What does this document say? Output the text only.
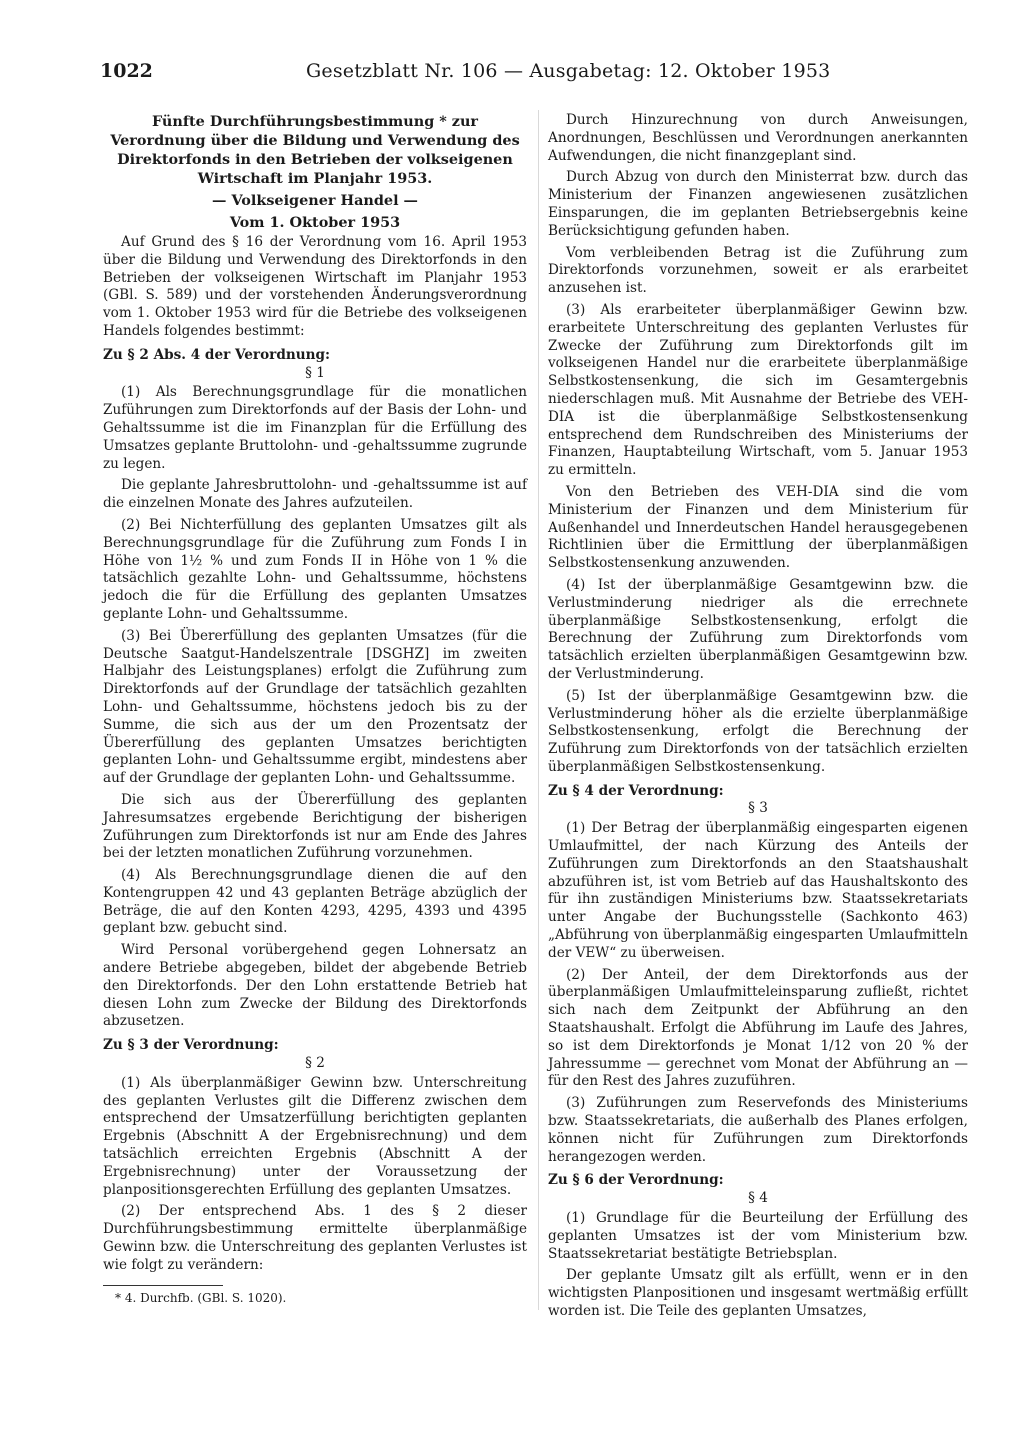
1022	Gesetzblatt Nr. 106 — Ausgabetag: 12. Oktober 1953
Fünfte Durchführungsbestimmung * zur Verordnung über die Bildung und Verwendung des Direktorfonds in den Betrieben der volkseigenen Wirtschaft im Planjahr 1953.
— Volkseigener Handel —
Vom 1. Oktober 1953

Auf Grund des § 16 der Verordnung vom 16. April 1953 über die Bildung und Verwendung des Direktorfonds in den Betrieben der volkseigenen Wirtschaft im Planjahr 1953 (GBl. S. 589) und der vorstehenden Änderungsverordnung vom 1. Oktober 1953 wird für die Betriebe des volkseigenen Handels folgendes bestimmt:

Zu § 2 Abs. 4 der Verordnung:
§ 1

(1) Als Berechnungsgrundlage für die monatlichen Zuführungen zum Direktorfonds auf der Basis der Lohn- und Gehaltssumme ist die im Finanzplan für die Erfüllung des Umsatzes geplante Bruttolohn- und -gehaltssumme zugrunde zu legen.

Die geplante Jahresbruttolohn- und -gehaltssumme ist auf die einzelnen Monate des Jahres aufzuteilen.

(2) Bei Nichterfüllung des geplanten Umsatzes gilt als Berechnungsgrundlage für die Zuführung zum Fonds I in Höhe von 1½ % und zum Fonds II in Höhe von 1 % die tatsächlich gezahlte Lohn- und Gehaltssumme, höchstens jedoch die für die Erfüllung des geplanten Umsatzes geplante Lohn- und Gehaltssumme.

(3) Bei Übererfüllung des geplanten Umsatzes (für die Deutsche Saatgut-Handelszentrale [DSGHZ] im zweiten Halbjahr des Leistungsplanes) erfolgt die Zuführung zum Direktorfonds auf der Grundlage der tatsächlich gezahlten Lohn- und Gehaltssumme, höchstens jedoch bis zu der Summe, die sich aus der um den Prozentsatz der Übererfüllung des geplanten Umsatzes berichtigten geplanten Lohn- und Gehaltssumme ergibt, mindestens aber auf der Grundlage der geplanten Lohn- und Gehaltssumme.

Die sich aus der Übererfüllung des geplanten Jahresumsatzes ergebende Berichtigung der bisherigen Zuführungen zum Direktorfonds ist nur am Ende des Jahres bei der letzten monatlichen Zuführung vorzunehmen.

(4) Als Berechnungsgrundlage dienen die auf den Kontengruppen 42 und 43 geplanten Beträge abzüglich der Beträge, die auf den Konten 4293, 4295, 4393 und 4395 geplant bzw. gebucht sind.

Wird Personal vorübergehend gegen Lohnersatz an andere Betriebe abgegeben, bildet der abgebende Betrieb den Direktorfonds. Der den Lohn erstattende Betrieb hat diesen Lohn zum Zwecke der Bildung des Direktorfonds abzusetzen.

Zu § 3 der Verordnung:
§ 2

(1) Als überplanmäßiger Gewinn bzw. Unterschreitung des geplanten Verlustes gilt die Differenz zwischen dem entsprechend der Umsatzerfüllung berichtigten geplanten Ergebnis (Abschnitt A der Ergebnisrechnung) und dem tatsächlich erreichten Ergebnis (Abschnitt A der Ergebnisrechnung) unter der Voraussetzung der planpositionsgerechten Erfüllung des geplanten Umsatzes.

(2) Der entsprechend Abs. 1 des § 2 dieser Durchführungsbestimmung ermittelte überplanmäßige Gewinn bzw. die Unterschreitung des geplanten Verlustes ist wie folgt zu verändern:

* 4. Durchfb. (GBl. S. 1020).

Durch Hinzurechnung von durch Anweisungen, Anordnungen, Beschlüssen und Verordnungen anerkannten Aufwendungen, die nicht finanzgeplant sind.

Durch Abzug von durch den Ministerrat bzw. durch das Ministerium der Finanzen angewiesenen zusätzlichen Einsparungen, die im geplanten Betriebsergebnis keine Berücksichtigung gefunden haben.

Vom verbleibenden Betrag ist die Zuführung zum Direktorfonds vorzunehmen, soweit er als erarbeitet anzusehen ist.

(3) Als erarbeiteter überplanmäßiger Gewinn bzw. erarbeitete Unterschreitung des geplanten Verlustes für Zwecke der Zuführung zum Direktorfonds gilt im volkseigenen Handel nur die erarbeitete überplanmäßige Selbstkostensenkung, die sich im Gesamtergebnis niederschlagen muß. Mit Ausnahme der Betriebe des VEH-DIA ist die überplanmäßige Selbstkostensenkung entsprechend dem Rundschreiben des Ministeriums der Finanzen, Hauptabteilung Wirtschaft, vom 5. Januar 1953 zu ermitteln.

Von den Betrieben des VEH-DIA sind die vom Ministerium der Finanzen und dem Ministerium für Außenhandel und Innerdeutschen Handel herausgegebenen Richtlinien über die Ermittlung der überplanmäßigen Selbstkostensenkung anzuwenden.

(4) Ist der überplanmäßige Gesamtgewinn bzw. die Verlustminderung niedriger als die errechnete überplanmäßige Selbstkostensenkung, erfolgt die Berechnung der Zuführung zum Direktorfonds vom tatsächlich erzielten überplanmäßigen Gesamtgewinn bzw. der Verlustminderung.

(5) Ist der überplanmäßige Gesamtgewinn bzw. die Verlustminderung höher als die erzielte überplanmäßige Selbstkostensenkung, erfolgt die Berechnung der Zuführung zum Direktorfonds von der tatsächlich erzielten überplanmäßigen Selbstkostensenkung.

Zu § 4 der Verordnung:
§ 3

(1) Der Betrag der überplanmäßig eingesparten eigenen Umlaufmittel, der nach Kürzung des Anteils der Zuführungen zum Direktorfonds an den Staatshaushalt abzuführen ist, ist vom Betrieb auf das Haushaltskonto des für ihn zuständigen Ministeriums bzw. Staatssekretariats unter Angabe der Buchungsstelle (Sachkonto 463) „Abführung von überplanmäßig eingesparten Umlaufmitteln der VEW“ zu überweisen.

(2) Der Anteil, der dem Direktorfonds aus der überplanmäßigen Umlaufmitteleinsparung zufließt, richtet sich nach dem Zeitpunkt der Abführung an den Staatshaushalt. Erfolgt die Abführung im Laufe des Jahres, so ist dem Direktorfonds je Monat 1/12 von 20 % der Jahressumme — gerechnet vom Monat der Abführung an — für den Rest des Jahres zuzuführen.

(3) Zuführungen zum Reservefonds des Ministeriums bzw. Staatssekretariats, die außerhalb des Planes erfolgen, können nicht für Zuführungen zum Direktorfonds herangezogen werden.

Zu § 6 der Verordnung:
§ 4

(1) Grundlage für die Beurteilung der Erfüllung des geplanten Umsatzes ist der vom Ministerium bzw. Staatssekretariat bestätigte Betriebsplan.

Der geplante Umsatz gilt als erfüllt, wenn er in den wichtigsten Planpositionen und insgesamt wertmäßig erfüllt worden ist. Die Teile des geplanten Umsatzes,
